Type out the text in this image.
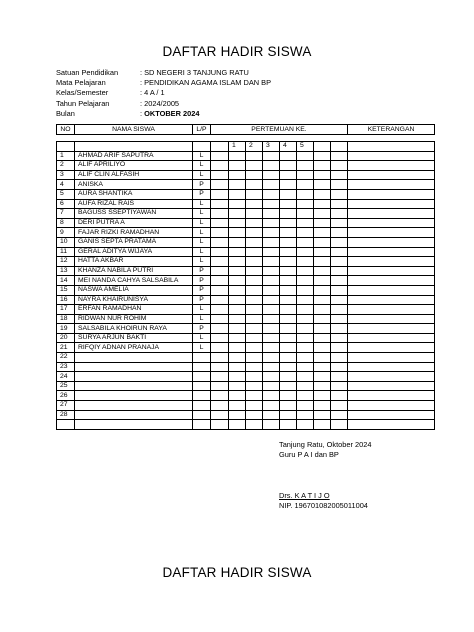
DAFTAR HADIR SISWA
Satuan Pendidikan	: SD NEGERI 3 TANJUNG RATU
Mata Pelajaran	: PENDIDIKAN AGAMA ISLAM DAN BP
Kelas/Semester	: 4 A / 1
Tahun Pelajaran	: 2024/2005
Bulan	: OKTOBER 2024
NO	NAMA SISWA	L/P	PERTEMUAN KE.								KETERANGAN

				1	2	3	4	5			
1	AHMAD ARIF SAPUTRA	L									
2	ALIF APRILIYO	L									
3	ALIF CLIN ALFASIH	L									
4	ANISKA	P									
5	AURA SHANTIKA	P									
6	AUFA RIZAL RAIS	L									
7	BAGUSS SSEPTIYAWAN	L									
8	DERI PUTRA A	L									
9	FAJAR RIZKI RAMADHAN	L									
10	GANIS SEPTA PRATAMA	L									
11	GERAL ADITYA WIJAYA	L									
12	HATTA AKBAR	L									
13	KHANZA NABILA PUTRI	P									
14	MEI NANDA CAHYA SALSABILA	P									
15	NASWA AMELIA	P									
16	NAYRA KHAIRUNISYA	P									
17	ERFAN RAMADHAN	L									
18	RIDWAN NUR ROHIM	L									
19	SALSABILA KHOIRUN RAYA	P									
20	SURYA ARJUN BAKTI	L									
21	RIFQIY ADNAN PRANAJA	L									
22											
23											
24											
25											
26											
27											
28											

Tanjung Ratu, Oktober 2024
Guru P A I dan BP
Drs. K A T I J O
NIP. 196701082005011004
DAFTAR HADIR SISWA
